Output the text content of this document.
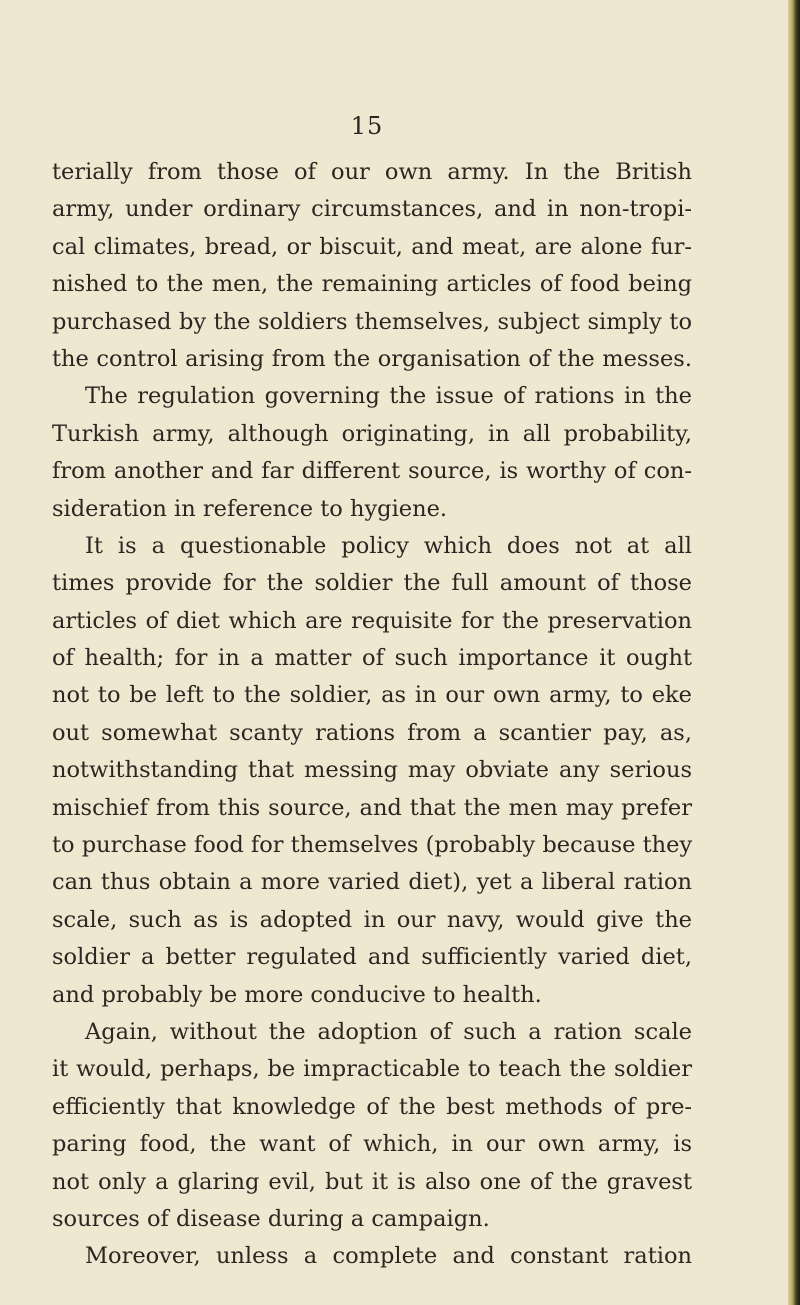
15
terially from those of our own army. In the British
army, under ordinary circumstances, and in non-tropi-
cal climates, bread, or biscuit, and meat, are alone fur-
nished to the men, the remaining articles of food being
purchased by the soldiers themselves, subject simply to
the control arising from the organisation of the messes.
The regulation governing the issue of rations in the
Turkish army, although originating, in all probability,
from another and far different source, is worthy of con-
sideration in reference to hygiene.
It is a questionable policy which does not at all
times provide for the soldier the full amount of those
articles of diet which are requisite for the preservation
of health; for in a matter of such importance it ought
not to be left to the soldier, as in our own army, to eke
out somewhat scanty rations from a scantier pay, as,
notwithstanding that messing may obviate any serious
mischief from this source, and that the men may prefer
to purchase food for themselves (probably because they
can thus obtain a more varied diet), yet a liberal ration
scale, such as is adopted in our navy, would give the
soldier a better regulated and sufficiently varied diet,
and probably be more conducive to health.
Again, without the adoption of such a ration scale
it would, perhaps, be impracticable to teach the soldier
efficiently that knowledge of the best methods of pre-
paring food, the want of which, in our own army, is
not only a glaring evil, but it is also one of the gravest
sources of disease during a campaign.
Moreover, unless a complete and constant ration
